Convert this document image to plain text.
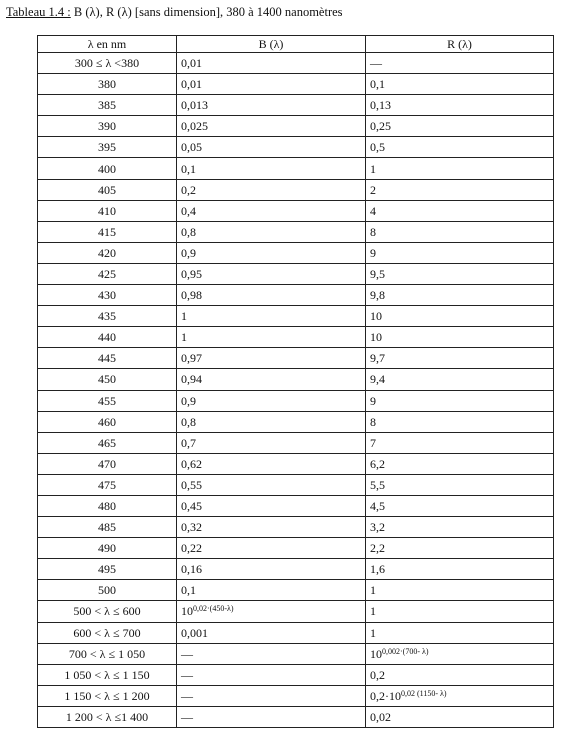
Tableau 1.4 : B (λ), R (λ) [sans dimension], 380 à 1400 nanomètres
λ en nm	B (λ)	R (λ)
300 ≤ λ <380	0,01	—
380	0,01	0,1
385	0,013	0,13
390	0,025	0,25
395	0,05	0,5
400	0,1	1
405	0,2	2
410	0,4	4
415	0,8	8
420	0,9	9
425	0,95	9,5
430	0,98	9,8
435	1	10
440	1	10
445	0,97	9,7
450	0,94	9,4
455	0,9	9
460	0,8	8
465	0,7	7
470	0,62	6,2
475	0,55	5,5
480	0,45	4,5
485	0,32	3,2
490	0,22	2,2
495	0,16	1,6
500	0,1	1
500 < λ ≤ 600	$10^{0,02\cdot(450-\lambda)}$	1
600 < λ ≤ 700	0,001	1
700 < λ ≤ 1 050	—	$10^{0,002\cdot(700- \lambda)}$
1 050 < λ ≤ 1 150	—	0,2
1 150 < λ ≤ 1 200	—	$0,2\cdot 10^{0,02 (1150- \lambda)}$
1 200 < λ ≤1 400	—	0,02
